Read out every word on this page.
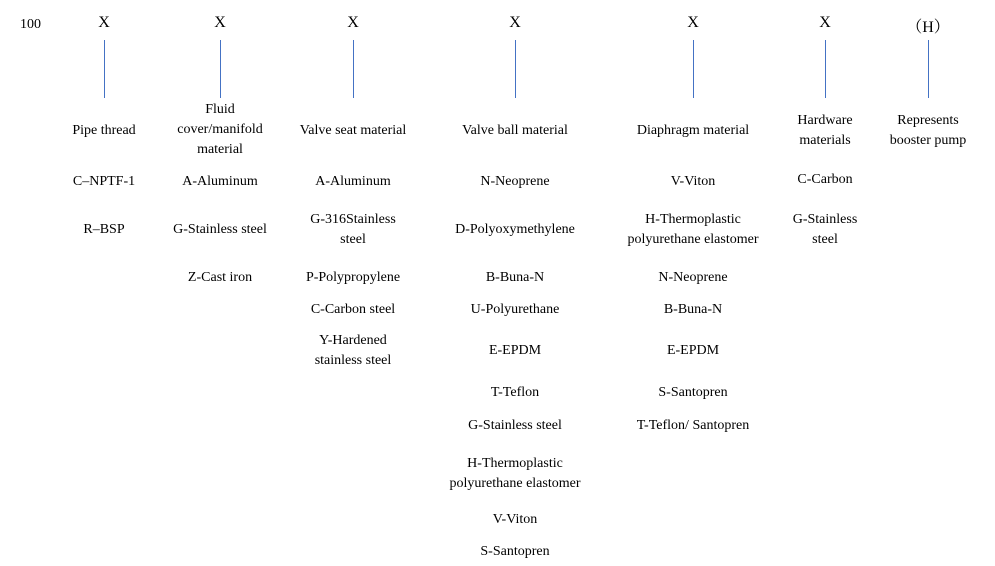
100	X
Pipe thread
C–NPTF-1
R–BSP
X
Fluid
cover/manifold
material
A-Aluminum
G-Stainless steel
Z-Cast iron
X
Valve seat material
A-Aluminum
G-316Stainless
steel
P-Polypropylene
C-Carbon steel
Y-Hardened
stainless steel
X
Valve ball material
N-Neoprene
D-Polyoxymethylene
B-Buna-N
U-Polyurethane
E-EPDM
T-Teflon
G-Stainless steel
H-Thermoplastic
polyurethane elastomer
V-Viton
S-Santopren
X
Diaphragm material
V-Viton
H-Thermoplastic
polyurethane elastomer
N-Neoprene
B-Buna-N
E-EPDM
S-Santopren
T-Teflon/ Santopren
X
Hardware
materials
C-Carbon
G-Stainless
steel
（H）
Represents
booster pump
